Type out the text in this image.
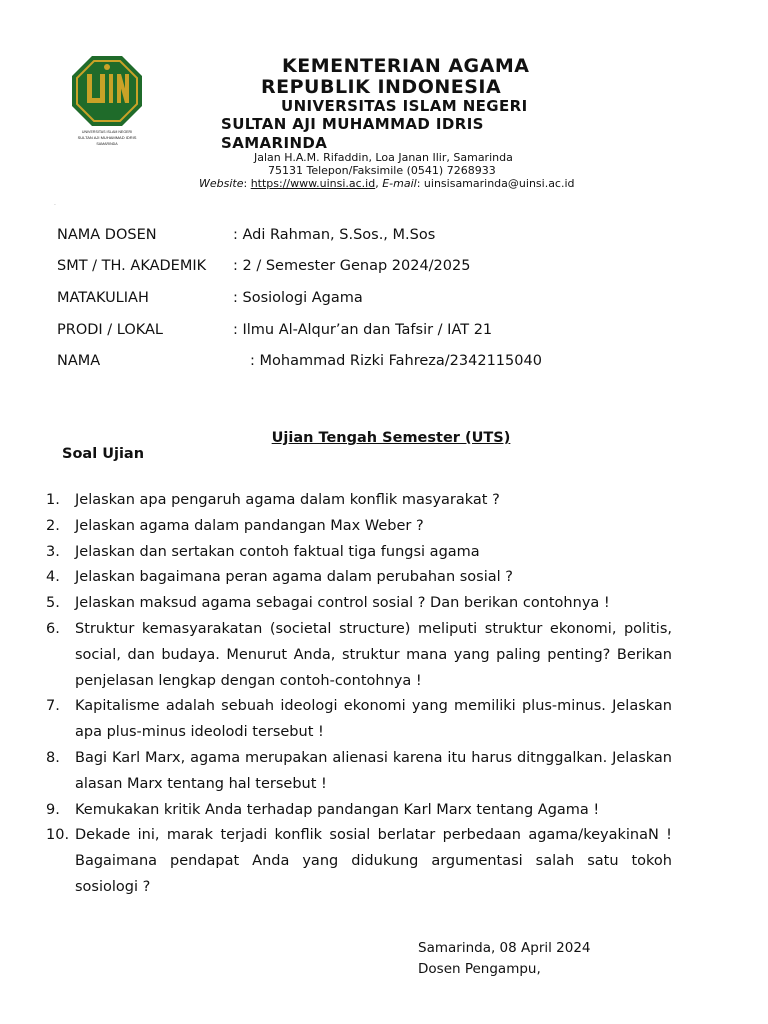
UNIVERSITAS ISLAM NEGERI
SULTAN AJI MUHAMMAD IDRIS
SAMARINDA
KEMENTERIAN AGAMA
REPUBLIK INDONESIA
UNIVERSITAS ISLAM NEGERI
SULTAN AJI MUHAMMAD IDRIS
SAMARINDA
Jalan H.A.M. Rifaddin, Loa Janan Ilir, Samarinda
75131 Telepon/Faksimile (0541) 7268933
Website: https://www.uinsi.ac.id, E-mail: uinsisamarinda@uinsi.ac.id
.
NAMA DOSEN	: Adi Rahman, S.Sos., M.Sos
SMT / TH. AKADEMIK : 2 / Semester Genap 2024/2025
MATAKULIAH	: Sosiologi Agama
PRODI / LOKAL	: Ilmu Al-Alqur’an dan Tafsir / IAT 21
NAMA	: Mohammad Rizki Fahreza/2342115040
Ujian Tengah Semester (UTS)
Soal Ujian
1. Jelaskan apa pengaruh agama dalam konflik masyarakat ?
2. Jelaskan agama dalam pandangan Max Weber ?
3. Jelaskan dan sertakan contoh faktual tiga fungsi agama
4. Jelaskan bagaimana peran agama dalam perubahan sosial ?
5. Jelaskan maksud agama sebagai control sosial ? Dan berikan contohnya !
6. Struktur kemasyarakatan (societal structure) meliputi struktur ekonomi, politis, social, dan budaya. Menurut Anda, struktur mana yang paling penting? Berikan penjelasan lengkap dengan contoh-contohnya !
7. Kapitalisme adalah sebuah ideologi ekonomi yang memiliki plus-minus. Jelaskan apa plus-minus ideolodi tersebut !
8. Bagi Karl Marx, agama merupakan alienasi karena itu harus ditnggalkan. Jelaskan alasan Marx tentang hal tersebut !
9. Kemukakan kritik Anda terhadap pandangan Karl Marx tentang Agama !
10. Dekade ini, marak terjadi konflik sosial berlatar perbedaan agama/keyakinaN ! Bagaimana pendapat Anda yang didukung argumentasi salah satu tokoh sosiologi ?
Samarinda, 08 April 2024
Dosen Pengampu,
